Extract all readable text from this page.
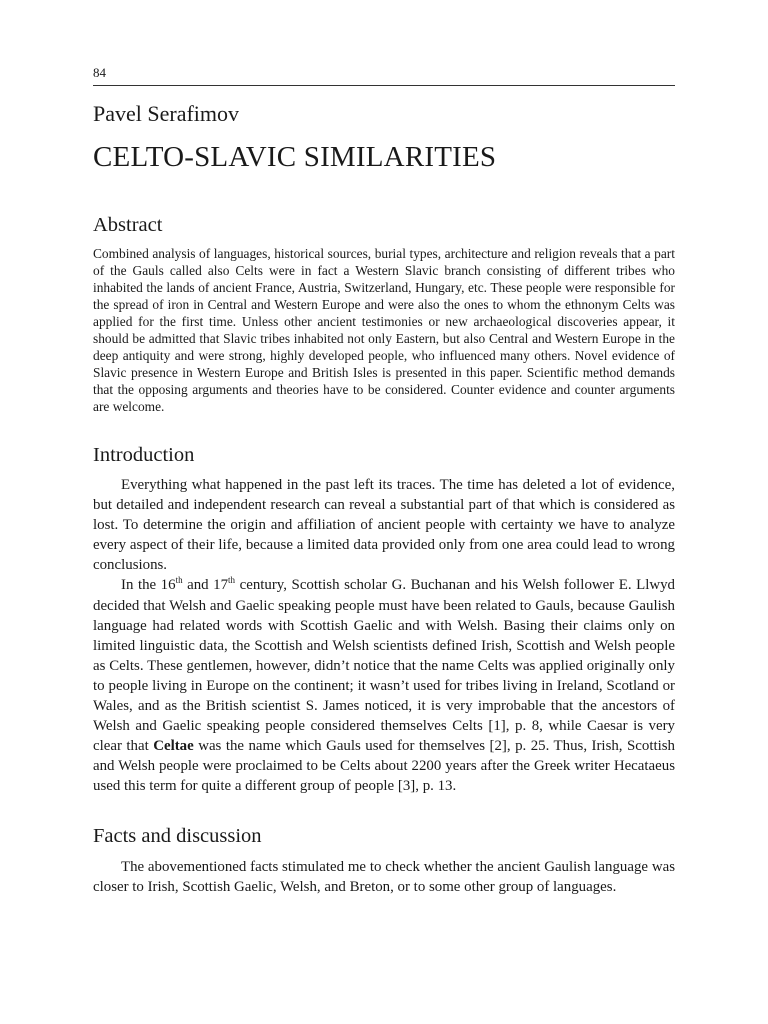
84
Pavel Serafimov
CELTO-SLAVIC SIMILARITIES
Abstract

Combined analysis of languages, historical sources, burial types, architecture and religion reveals that a part of the Gauls called also Celts were in fact a Western Slavic branch consisting of different tribes who inhabited the lands of ancient France, Austria, Switzerland, Hungary, etc. These people were responsible for the spread of iron in Central and Western Europe and were also the ones to whom the ethnonym Celts was applied for the first time. Unless other ancient testimonies or new archaeological discoveries appear, it should be admitted that Slavic tribes inhabited not only Eastern, but also Central and Western Europe in the deep antiquity and were strong, highly developed people, who influenced many others. Novel evidence of Slavic presence in Western Europe and British Isles is presented in this paper. Scientific method demands that the opposing arguments and theories have to be considered. Counter evidence and counter arguments are welcome.

Introduction

Everything what happened in the past left its traces. The time has deleted a lot of evidence, but detailed and independent research can reveal a substantial part of that which is considered as lost. To determine the origin and affiliation of ancient people with certainty we have to analyze every aspect of their life, because a limited data provided only from one area could lead to wrong conclusions.

In the 16th and 17th century, Scottish scholar G. Buchanan and his Welsh follower E. Llwyd decided that Welsh and Gaelic speaking people must have been related to Gauls, because Gaulish language had related words with Scottish Gaelic and with Welsh. Basing their claims only on limited linguistic data, the Scottish and Welsh scientists defined Irish, Scottish and Welsh people as Celts. These gentlemen, however, didn’t notice that the name Celts was applied originally only to people living in Europe on the continent; it wasn’t used for tribes living in Ireland, Scotland or Wales, and as the British scientist S. James noticed, it is very improbable that the ancestors of Welsh and Gaelic speaking people considered themselves Celts [1], p. 8, while Caesar is very clear that Celtae was the name which Gauls used for themselves [2], p. 25. Thus, Irish, Scottish and Welsh people were proclaimed to be Celts about 2200 years after the Greek writer Hecataeus used this term for quite a different group of people [3], p. 13.

Facts and discussion

The abovementioned facts stimulated me to check whether the ancient Gaulish language was closer to Irish, Scottish Gaelic, Welsh, and Breton, or to some other group of languages.
